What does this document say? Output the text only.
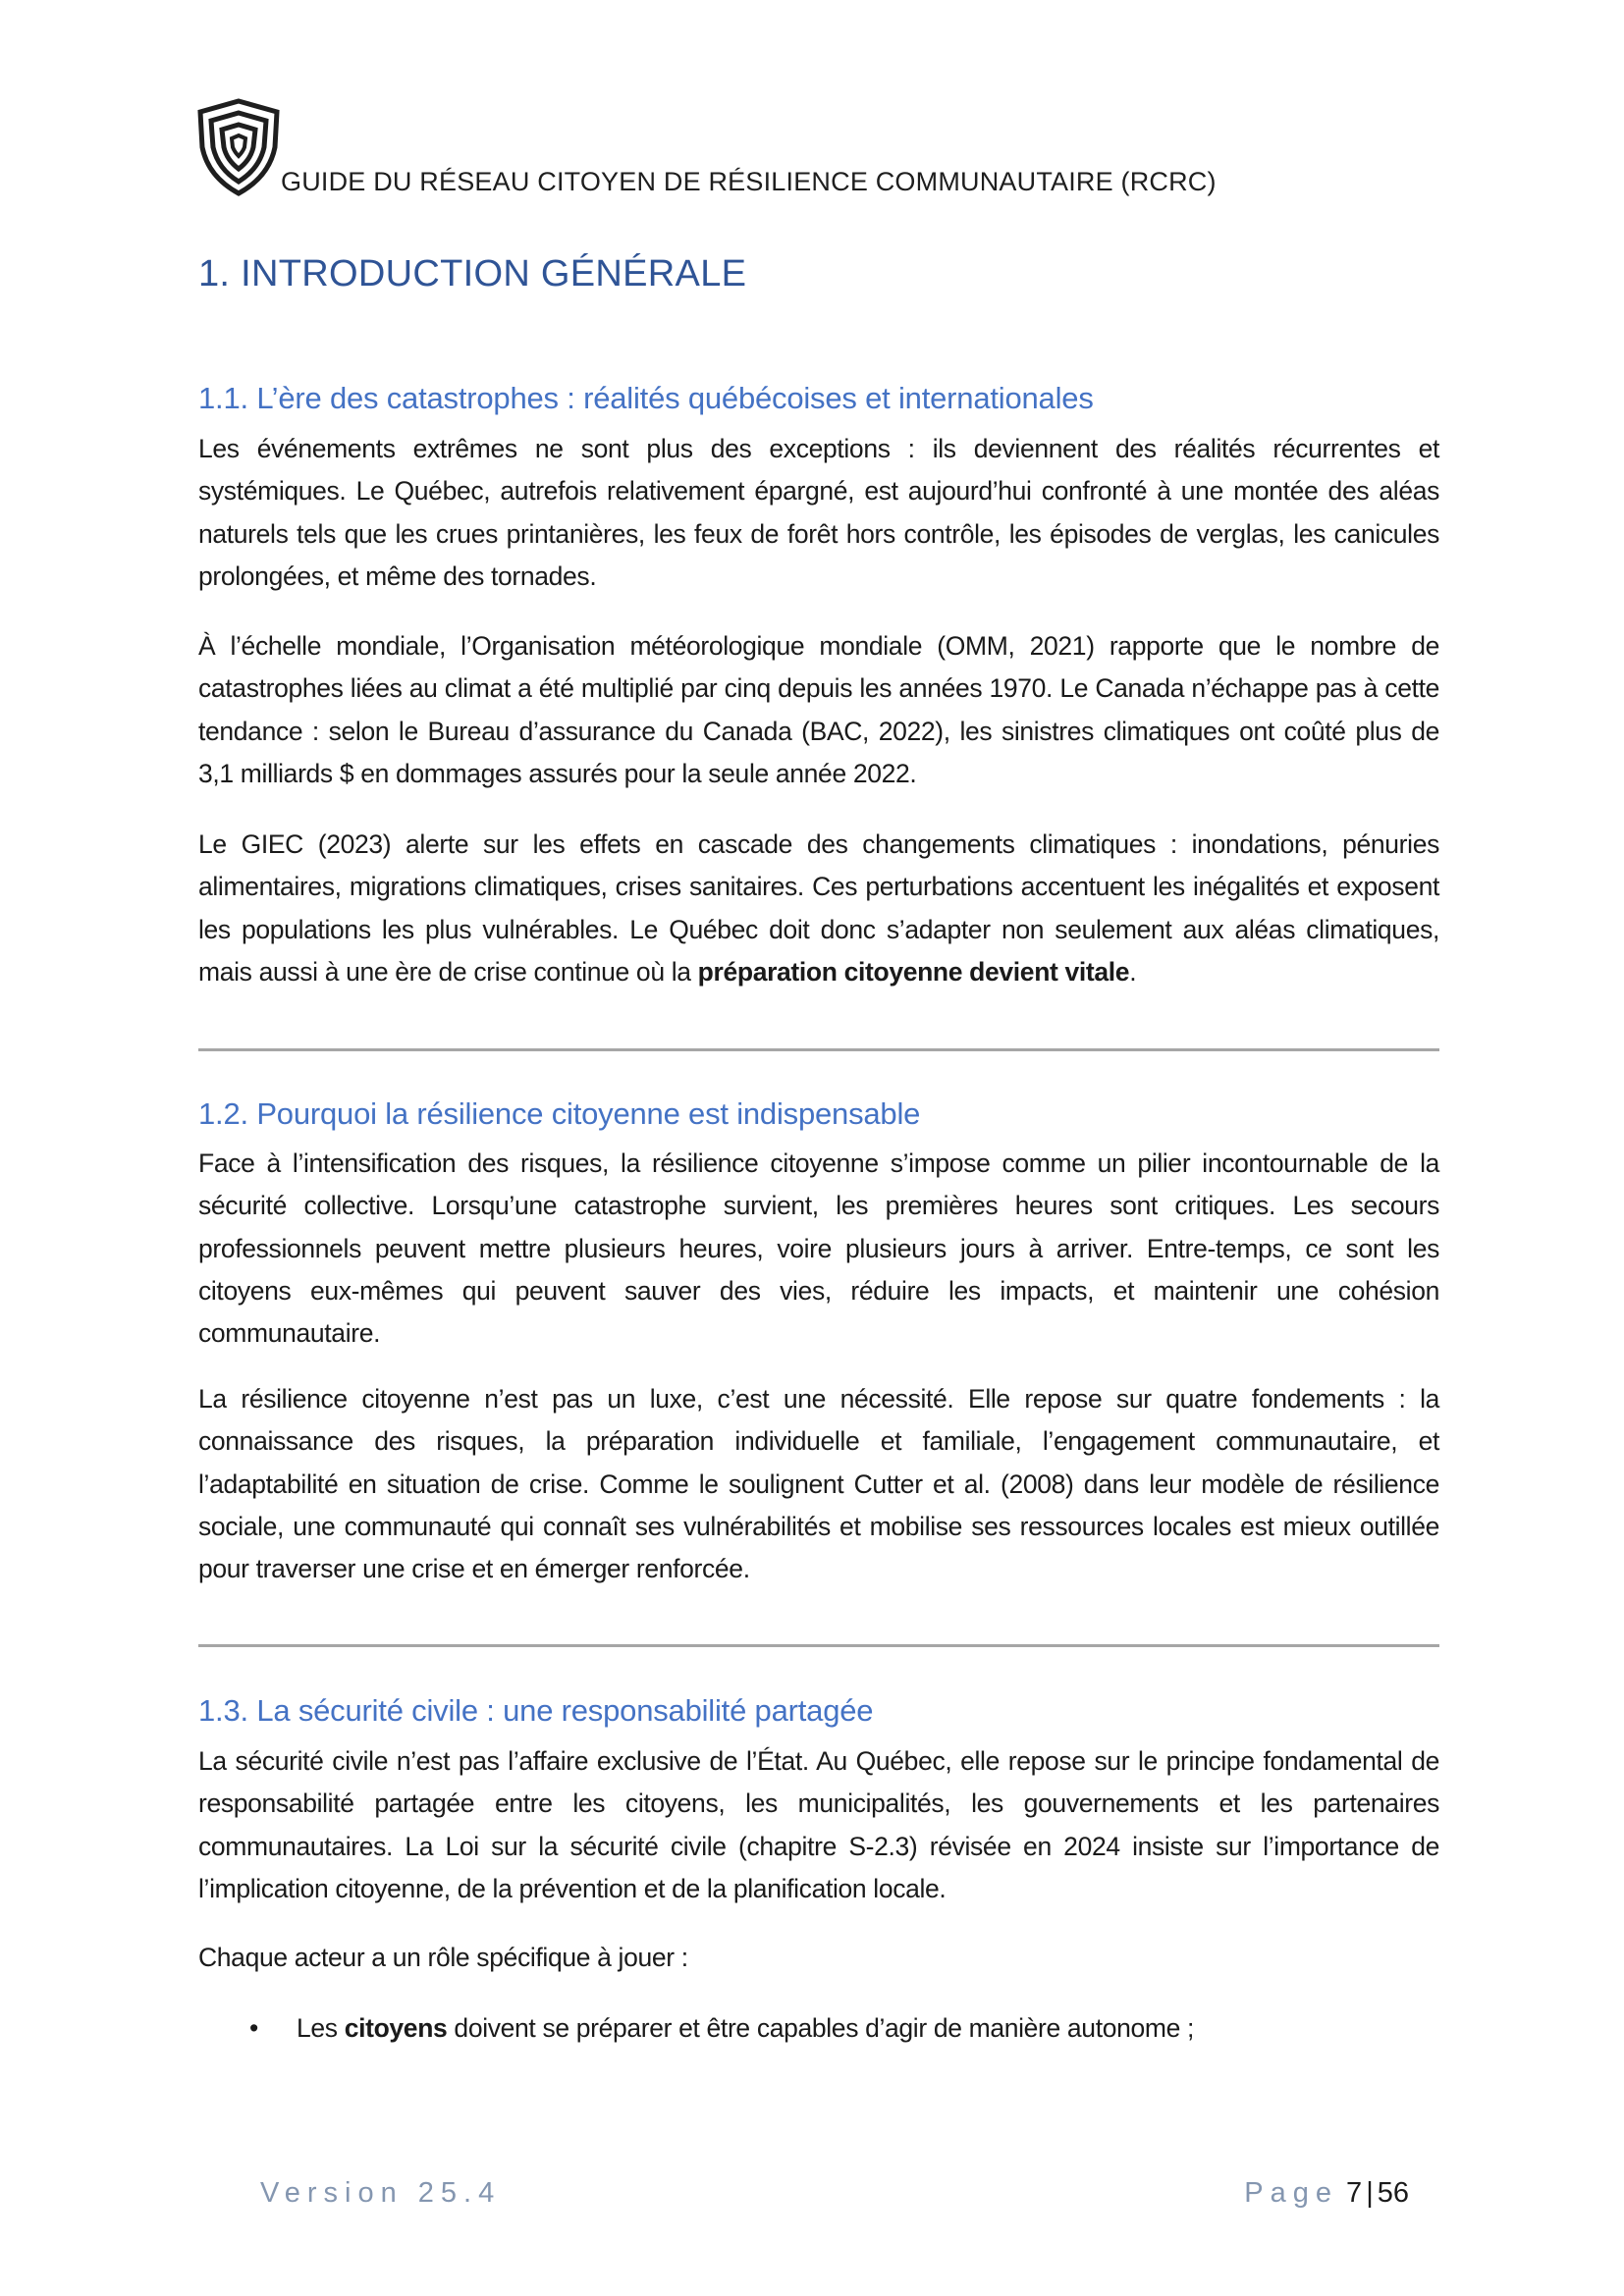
GUIDE DU RÉSEAU CITOYEN DE RÉSILIENCE COMMUNAUTAIRE (RCRC)
1. INTRODUCTION GÉNÉRALE
1.1. L’ère des catastrophes : réalités québécoises et internationales

Les événements extrêmes ne sont plus des exceptions : ils deviennent des réalités récurrentes et systémiques. Le Québec, autrefois relativement épargné, est aujourd’hui confronté à une montée des aléas naturels tels que les crues printanières, les feux de forêt hors contrôle, les épisodes de verglas, les canicules prolongées, et même des tornades.

À l’échelle mondiale, l’Organisation météorologique mondiale (OMM, 2021) rapporte que le nombre de catastrophes liées au climat a été multiplié par cinq depuis les années 1970. Le Canada n’échappe pas à cette tendance : selon le Bureau d’assurance du Canada (BAC, 2022), les sinistres climatiques ont coûté plus de 3,1 milliards $ en dommages assurés pour la seule année 2022.

Le GIEC (2023) alerte sur les effets en cascade des changements climatiques : inondations, pénuries alimentaires, migrations climatiques, crises sanitaires. Ces perturbations accentuent les inégalités et exposent les populations les plus vulnérables. Le Québec doit donc s’adapter non seulement aux aléas climatiques, mais aussi à une ère de crise continue où la préparation citoyenne devient vitale.

1.2. Pourquoi la résilience citoyenne est indispensable

Face à l’intensification des risques, la résilience citoyenne s’impose comme un pilier incontournable de la sécurité collective. Lorsqu’une catastrophe survient, les premières heures sont critiques. Les secours professionnels peuvent mettre plusieurs heures, voire plusieurs jours à arriver. Entre-temps, ce sont les citoyens eux-mêmes qui peuvent sauver des vies, réduire les impacts, et maintenir une cohésion communautaire.

La résilience citoyenne n’est pas un luxe, c’est une nécessité. Elle repose sur quatre fondements : la connaissance des risques, la préparation individuelle et familiale, l’engagement communautaire, et l’adaptabilité en situation de crise. Comme le soulignent Cutter et al. (2008) dans leur modèle de résilience sociale, une communauté qui connaît ses vulnérabilités et mobilise ses ressources locales est mieux outillée pour traverser une crise et en émerger renforcée.

1.3. La sécurité civile : une responsabilité partagée

La sécurité civile n’est pas l’affaire exclusive de l’État. Au Québec, elle repose sur le principe fondamental de responsabilité partagée entre les citoyens, les municipalités, les gouvernements et les partenaires communautaires. La Loi sur la sécurité civile (chapitre S-2.3) révisée en 2024 insiste sur l’importance de l’implication citoyenne, de la prévention et de la planification locale.

Chaque acteur a un rôle spécifique à jouer :

• Les citoyens doivent se préparer et être capables d’agir de manière autonome ;
Version 25.4	Page 7 | 56
